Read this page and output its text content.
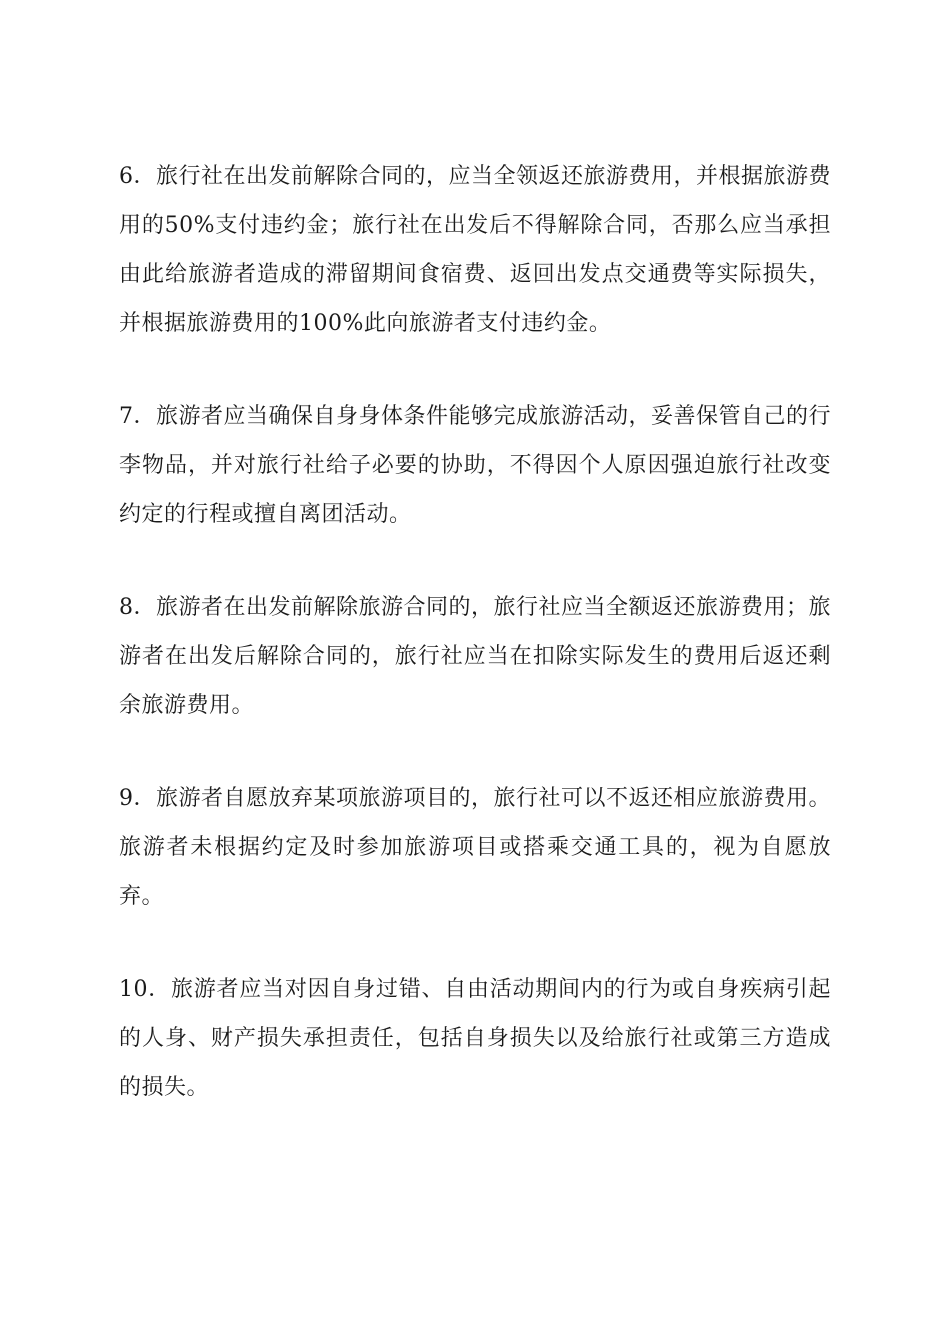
6．旅行社在出发前解除合同的，应当全领返还旅游费用，并根据旅游费用的50%支付违约金；旅行社在出发后不得解除合同，否那么应当承担由此给旅游者造成的滞留期间食宿费、返回出发点交通费等实际损失，并根据旅游费用的100%此向旅游者支付违约金。

7．旅游者应当确保自身身体条件能够完成旅游活动，妥善保管自己的行李物品，并对旅行社给子必要的协助，不得因个人原因强迫旅行社改变约定的行程或擅自离团活动。

8．旅游者在出发前解除旅游合同的，旅行社应当全额返还旅游费用；旅游者在出发后解除合同的，旅行社应当在扣除实际发生的费用后返还剩余旅游费用。

9．旅游者自愿放弃某项旅游项目的，旅行社可以不返还相应旅游费用。旅游者未根据约定及时参加旅游项目或搭乘交通工具的，视为自愿放弃。

10．旅游者应当对因自身过错、自由活动期间内的行为或自身疾病引起的人身、财产损失承担责任，包括自身损失以及给旅行社或第三方造成的损失。
